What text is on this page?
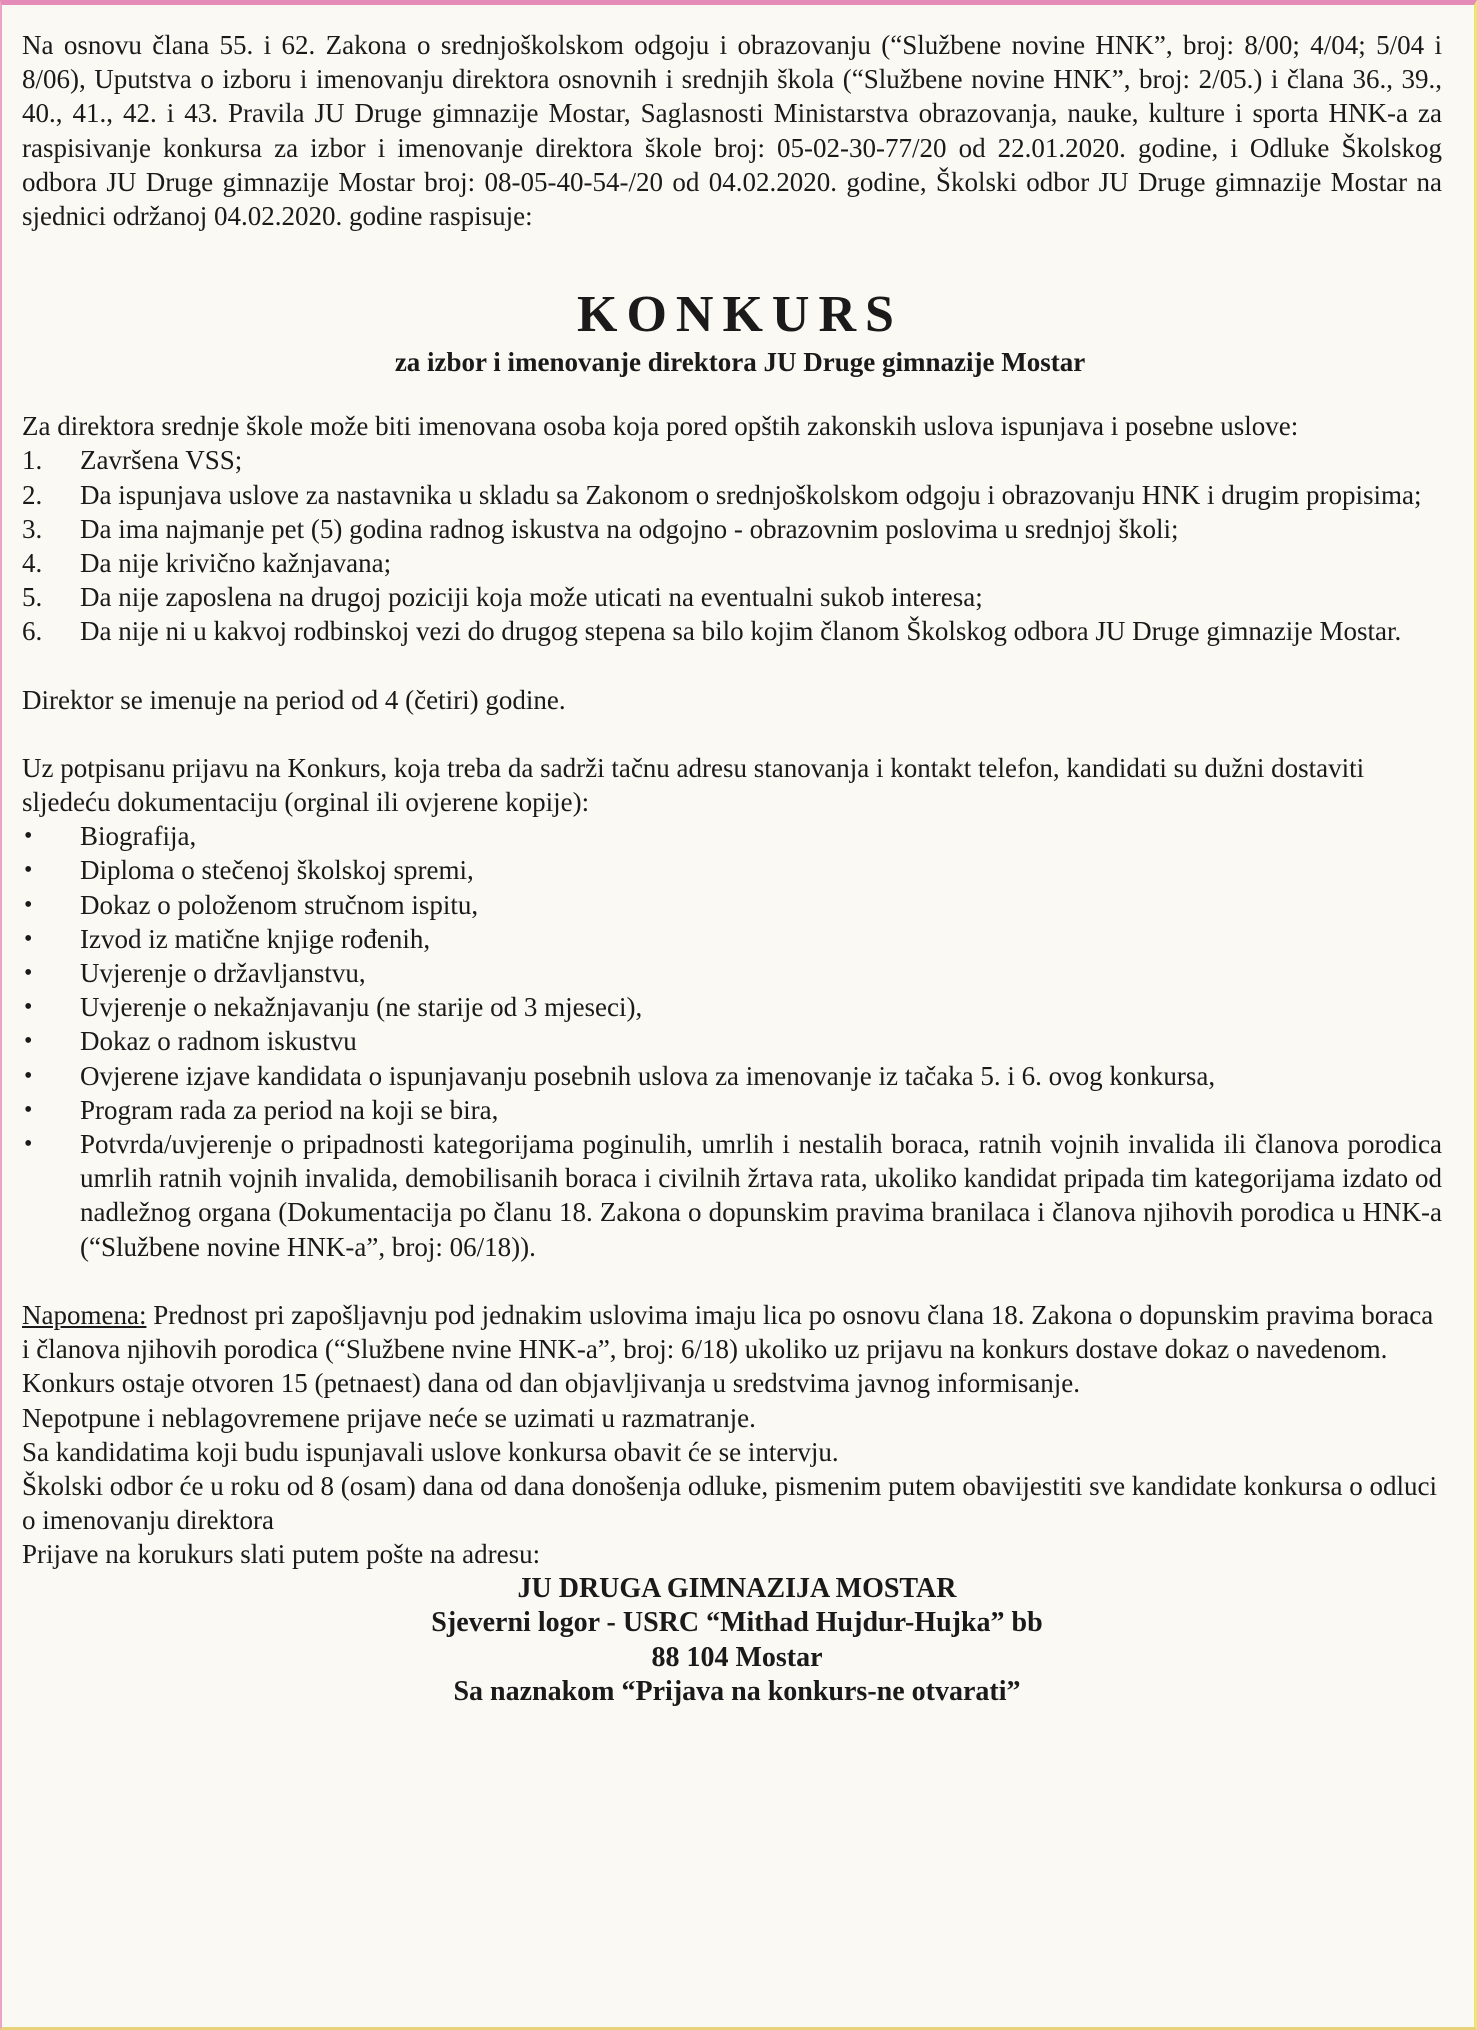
Na osnovu člana 55. i 62. Zakona o srednjoškolskom odgoju i obrazovanju (“Službene novine HNK”, broj: 8/00; 4/04; 5/04 i 8/06), Uputstva o izboru i imenovanju direktora osnovnih i srednjih škola (“Službene novine HNK”, broj: 2/05.) i člana 36., 39., 40., 41., 42. i 43. Pravila JU Druge gimnazije Mostar, Saglasnosti Ministarstva obrazovanja, nauke, kulture i sporta HNK-a za raspisivanje konkursa za izbor i imenovanje direktora škole broj: 05-02-30-77/20 od 22.01.2020. godine, i Odluke Školskog odbora JU Druge gimnazije Mostar broj: 08-05-40-54-/20 od 04.02.2020. godine, Školski odbor JU Druge gimnazije Mostar na sjednici održanoj 04.02.2020. godine raspisuje:

KONKURS
za izbor i imenovanje direktora JU Druge gimnazije Mostar

Za direktora srednje škole može biti imenovana osoba koja pored opštih zakonskih uslova ispunjava i posebne uslove:

1. Završena VSS;
2. Da ispunjava uslove za nastavnika u skladu sa Zakonom o srednjoškolskom odgoju i obrazovanju HNK i drugim propisima;
3. Da ima najmanje pet (5) godina radnog iskustva na odgojno - obrazovnim poslovima u srednjoj školi;
4. Da nije krivično kažnjavana;
5. Da nije zaposlena na drugoj poziciji koja može uticati na eventualni sukob interesa;
6. Da nije ni u kakvoj rodbinskoj vezi do drugog stepena sa bilo kojim članom Školskog odbora JU Druge gimnazije Mostar.

Direktor se imenuje na period od 4 (četiri) godine.

Uz potpisanu prijavu na Konkurs, koja treba da sadrži tačnu adresu stanovanja i kontakt telefon, kandidati su dužni dostaviti sljedeću dokumentaciju (orginal ili ovjerene kopije):

• Biografija,
• Diploma o stečenoj školskoj spremi,
• Dokaz o položenom stručnom ispitu,
• Izvod iz matične knjige rođenih,
• Uvjerenje o državljanstvu,
• Uvjerenje o nekažnjavanju (ne starije od 3 mjeseci),
• Dokaz o radnom iskustvu
• Ovjerene izjave kandidata o ispunjavanju posebnih uslova za imenovanje iz tačaka 5. i 6. ovog konkursa,
• Program rada za period na koji se bira,
• Potvrda/uvjerenje o pripadnosti kategorijama poginulih, umrlih i nestalih boraca, ratnih vojnih invalida ili članova porodica umrlih ratnih vojnih invalida, demobilisanih boraca i civilnih žrtava rata, ukoliko kandidat pripada tim kategorijama izdato od nadležnog organa (Dokumentacija po članu 18. Zakona o dopunskim pravima branilaca i članova njihovih porodica u HNK-a (“Službene novine HNK-a”, broj: 06/18)).

Napomena: Prednost pri zapošljavnju pod jednakim uslovima imaju lica po osnovu člana 18. Zakona o dopunskim pravima boraca i članova njihovih porodica (“Službene nvine HNK-a”, broj: 6/18) ukoliko uz prijavu na konkurs dostave dokaz o navedenom.

Konkurs ostaje otvoren 15 (petnaest) dana od dan objavljivanja u sredstvima javnog informisanje.

Nepotpune i neblagovremene prijave neće se uzimati u razmatranje.

Sa kandidatima koji budu ispunjavali uslove konkursa obavit će se intervju.

Školski odbor će u roku od 8 (osam) dana od dana donošenja odluke, pismenim putem obavijestiti sve kandidate konkursa o odluci o imenovanju direktora

Prijave na korukurs slati putem pošte na adresu:

JU DRUGA GIMNAZIJA MOSTAR
Sjeverni logor - USRC “Mithad Hujdur-Hujka” bb
88 104 Mostar
Sa naznakom “Prijava na konkurs-ne otvarati”
